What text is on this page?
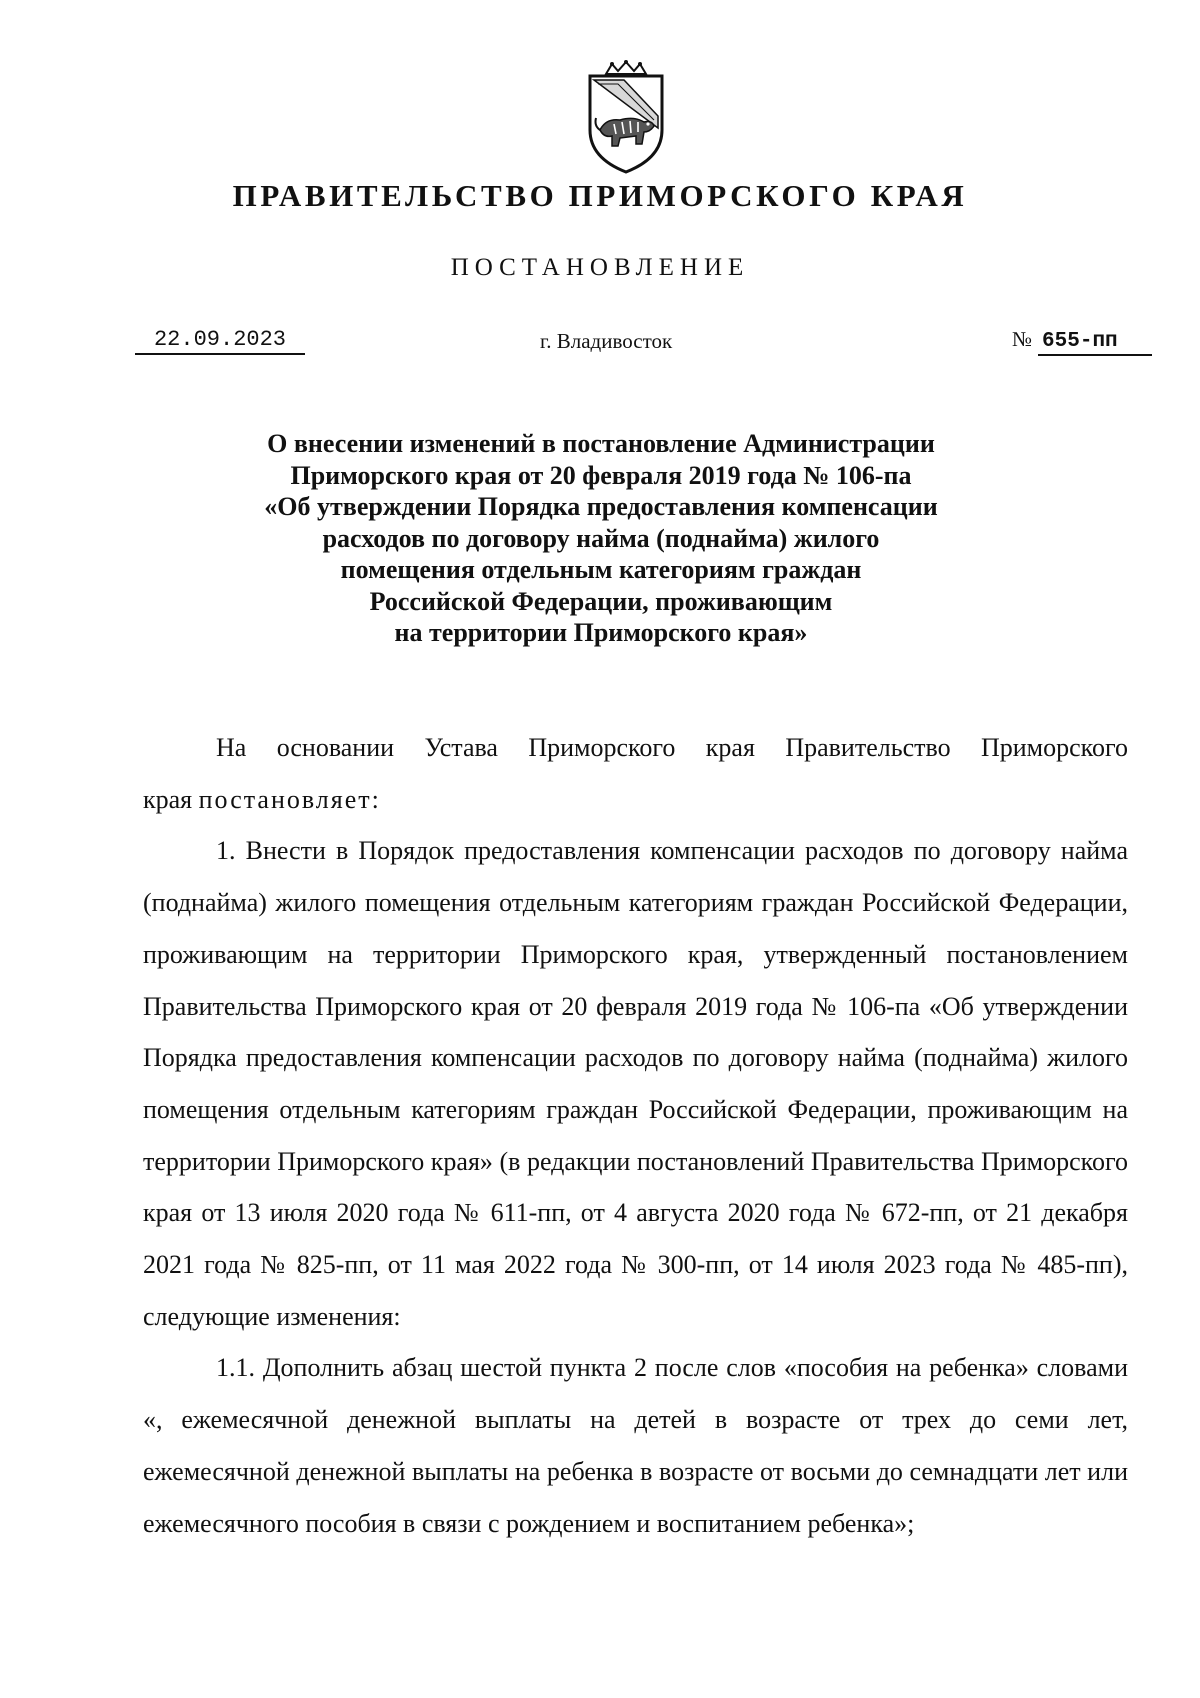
ПРАВИТЕЛЬСТВО ПРИМОРСКОГО КРАЯ
ПОСТАНОВЛЕНИЕ
22.09.2023	г. Владивосток	№ 655-пп
О внесении изменений в постановление Администрации
Приморского края от 20 февраля 2019 года № 106-па
«Об утверждении Порядка предоставления компенсации
расходов по договору найма (поднайма) жилого
помещения отдельным категориям граждан
Российской Федерации, проживающим
на территории Приморского края»

На основании Устава Приморского края Правительство Приморского

края постановляет:

1. Внести в Порядок предоставления компенсации расходов по договору найма (поднайма) жилого помещения отдельным категориям граждан Российской Федерации, проживающим на территории Приморского края, утвержденный постановлением Правительства Приморского края от 20 февраля 2019 года № 106-па «Об утверждении Порядка предоставления компенсации расходов по договору найма (поднайма) жилого помещения отдельным категориям граждан Российской Федерации, проживающим на территории Приморского края» (в редакции постановлений Правительства Приморского края от 13 июля 2020 года № 611-пп, от 4 августа 2020 года № 672-пп, от 21 декабря 2021 года № 825-пп, от 11 мая 2022 года № 300-пп, от 14 июля 2023 года № 485-пп), следующие изменения:

1.1. Дополнить абзац шестой пункта 2 после слов «пособия на ребенка» словами «, ежемесячной денежной выплаты на детей в возрасте от трех до семи лет, ежемесячной денежной выплаты на ребенка в возрасте от восьми до семнадцати лет или ежемесячного пособия в связи с рождением и воспитанием ребенка»;
